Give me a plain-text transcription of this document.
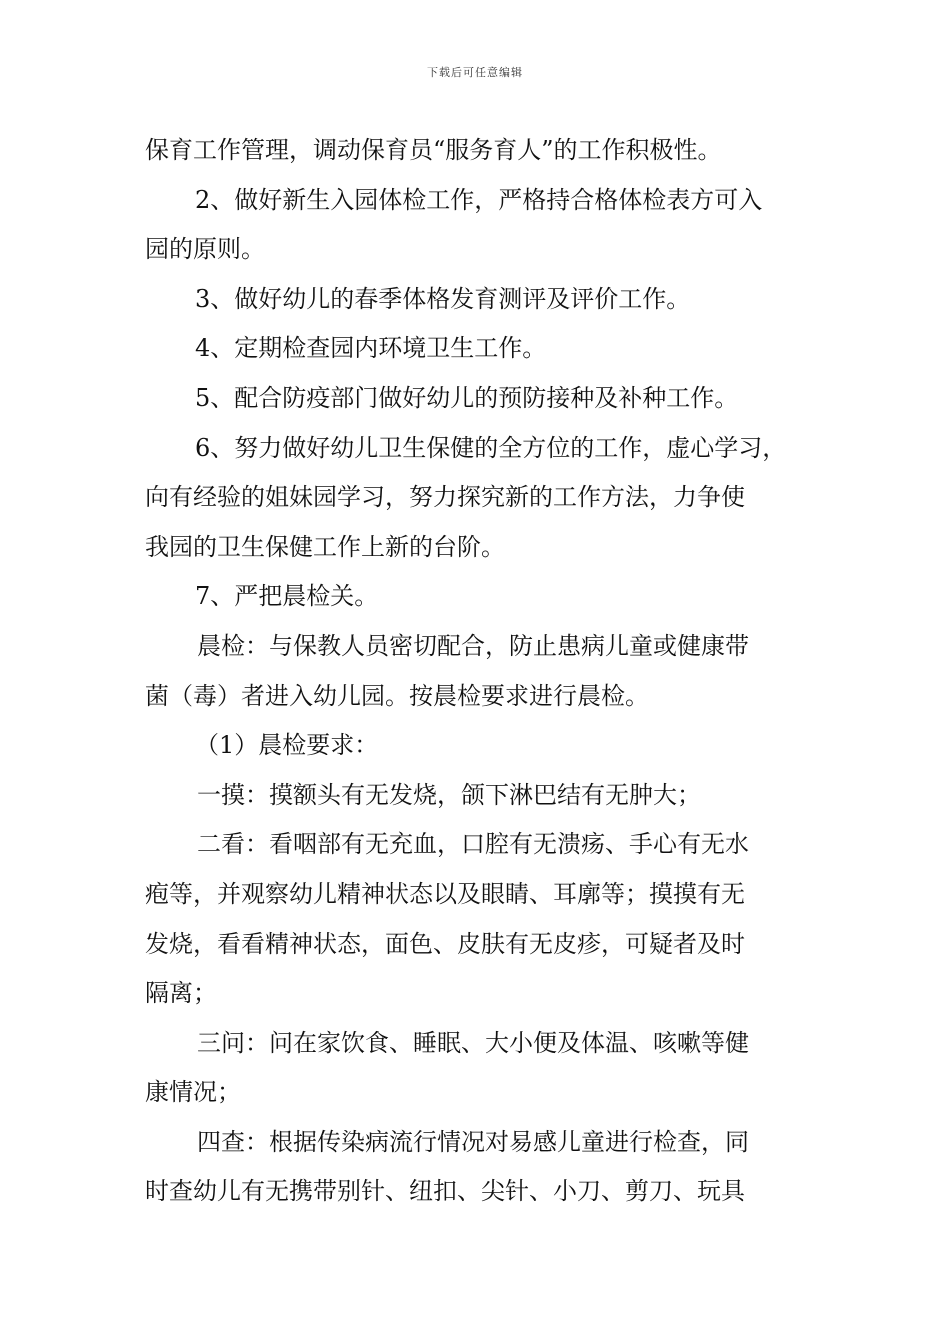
下载后可任意编辑
保育工作管理，调动保育员“服务育人”的工作积极性。
2、做好新生入园体检工作，严格持合格体检表方可入
园的原则。
3、做好幼儿的春季体格发育测评及评价工作。
4、定期检查园内环境卫生工作。
5、配合防疫部门做好幼儿的预防接种及补种工作。
6、努力做好幼儿卫生保健的全方位的工作，虚心学习，
向有经验的姐妹园学习，努力探究新的工作方法，力争使
我园的卫生保健工作上新的台阶。
7、严把晨检关。
晨检：与保教人员密切配合，防止患病儿童或健康带
菌（毒）者进入幼儿园。按晨检要求进行晨检。
（1）晨检要求：
一摸：摸额头有无发烧，颌下淋巴结有无肿大；
二看：看咽部有无充血，口腔有无溃疡、手心有无水
疱等，并观察幼儿精神状态以及眼睛、耳廓等；摸摸有无
发烧，看看精神状态，面色、皮肤有无皮疹，可疑者及时
隔离；
三问：问在家饮食、睡眠、大小便及体温、咳嗽等健
康情况；
四查：根据传染病流行情况对易感儿童进行检查，同
时查幼儿有无携带别针、纽扣、尖针、小刀、剪刀、玩具
